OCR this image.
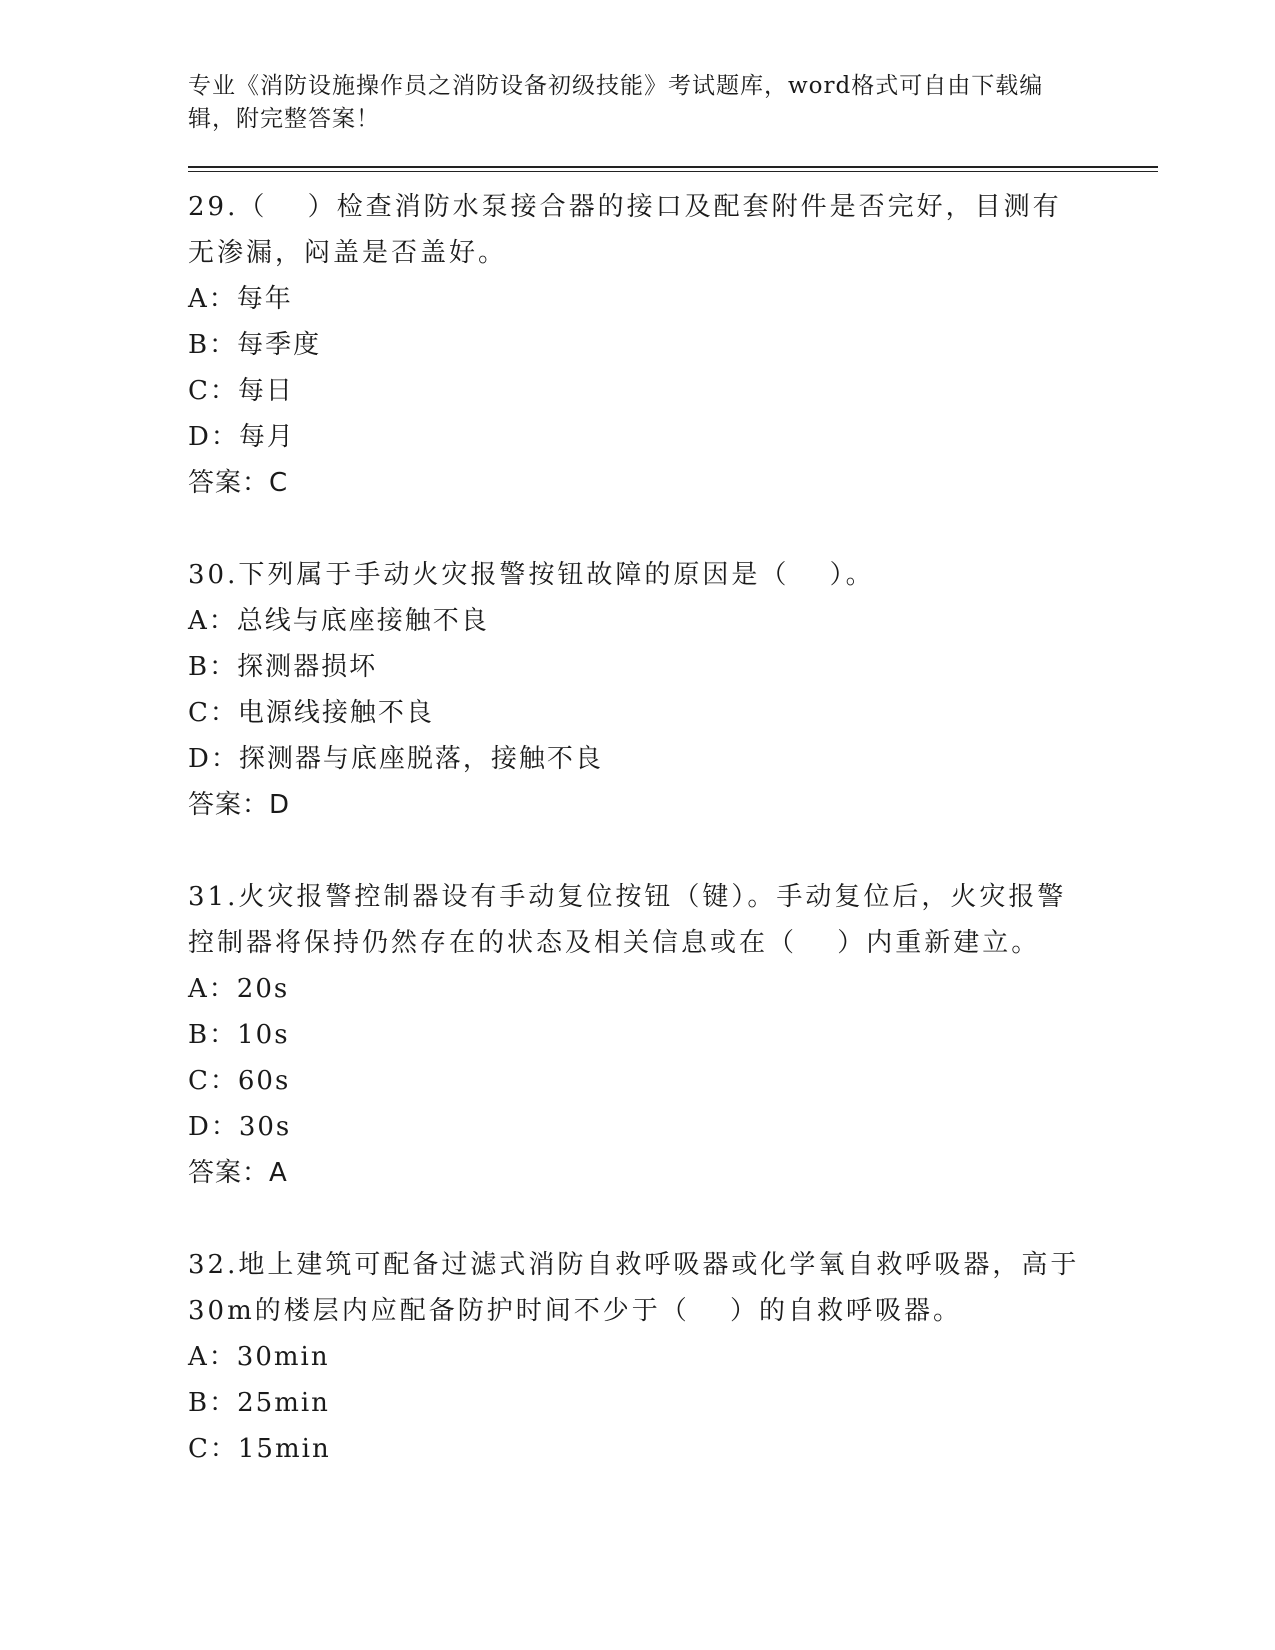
专业《消防设施操作员之消防设备初级技能》考试题库，word格式可自由下载编辑，附完整答案！

29.（　 ）检查消防水泵接合器的接口及配套附件是否完好，目测有无渗漏，闷盖是否盖好。

A：每年

B：每季度

C：每日

D：每月

答案：C

30.下列属于手动火灾报警按钮故障的原因是（　 ）。

A：总线与底座接触不良

B：探测器损坏

C：电源线接触不良

D：探测器与底座脱落，接触不良

答案：D

31.火灾报警控制器设有手动复位按钮（键）。手动复位后，火灾报警控制器将保持仍然存在的状态及相关信息或在（　 ）内重新建立。

A：20s

B：10s

C：60s

D：30s

答案：A

32.地上建筑可配备过滤式消防自救呼吸器或化学氧自救呼吸器，高于30m的楼层内应配备防护时间不少于（　 ）的自救呼吸器。

A：30min

B：25min

C：15min
